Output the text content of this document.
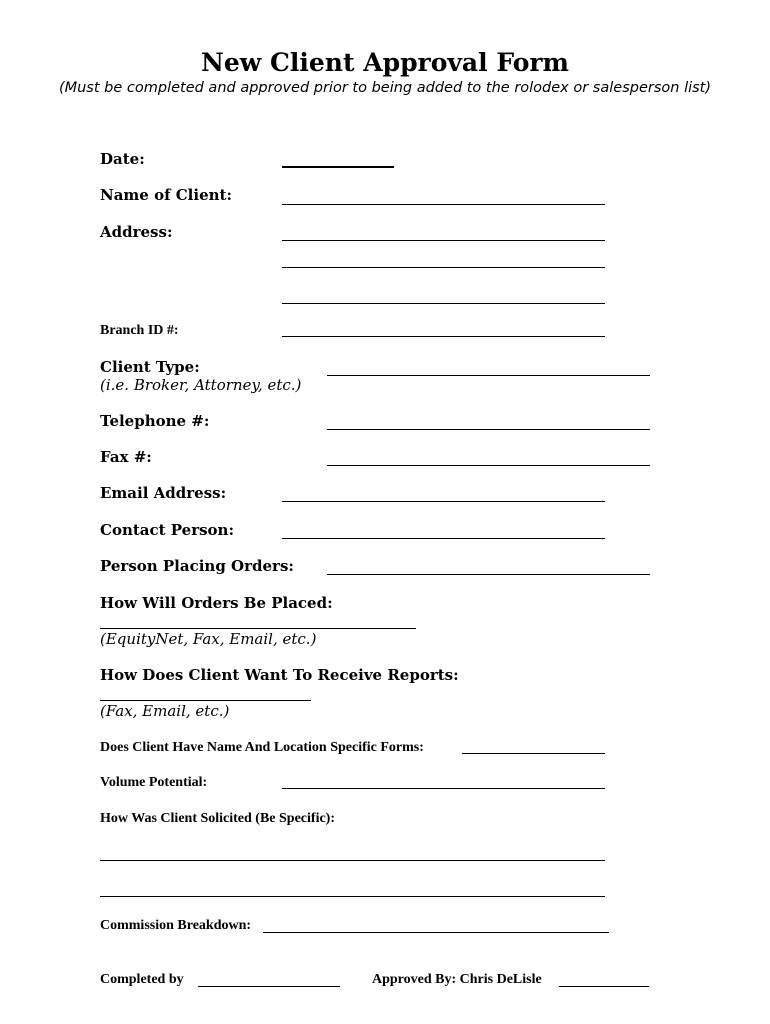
New Client Approval Form
(Must be completed and approved prior to being added to the rolodex or salesperson list)
Date:
Name of Client:
Address:
Branch ID #:
Client Type:
(i.e. Broker, Attorney, etc.)
Telephone #:
Fax #:
Email Address:
Contact Person:
Person Placing Orders:
How Will Orders Be Placed:
(EquityNet, Fax, Email, etc.)
How Does Client Want To Receive Reports:
(Fax, Email, etc.)
Does Client Have Name And Location Specific Forms:
Volume Potential:
How Was Client Solicited (Be Specific):
Commission Breakdown:
Completed by	Approved By: Chris DeLisle
